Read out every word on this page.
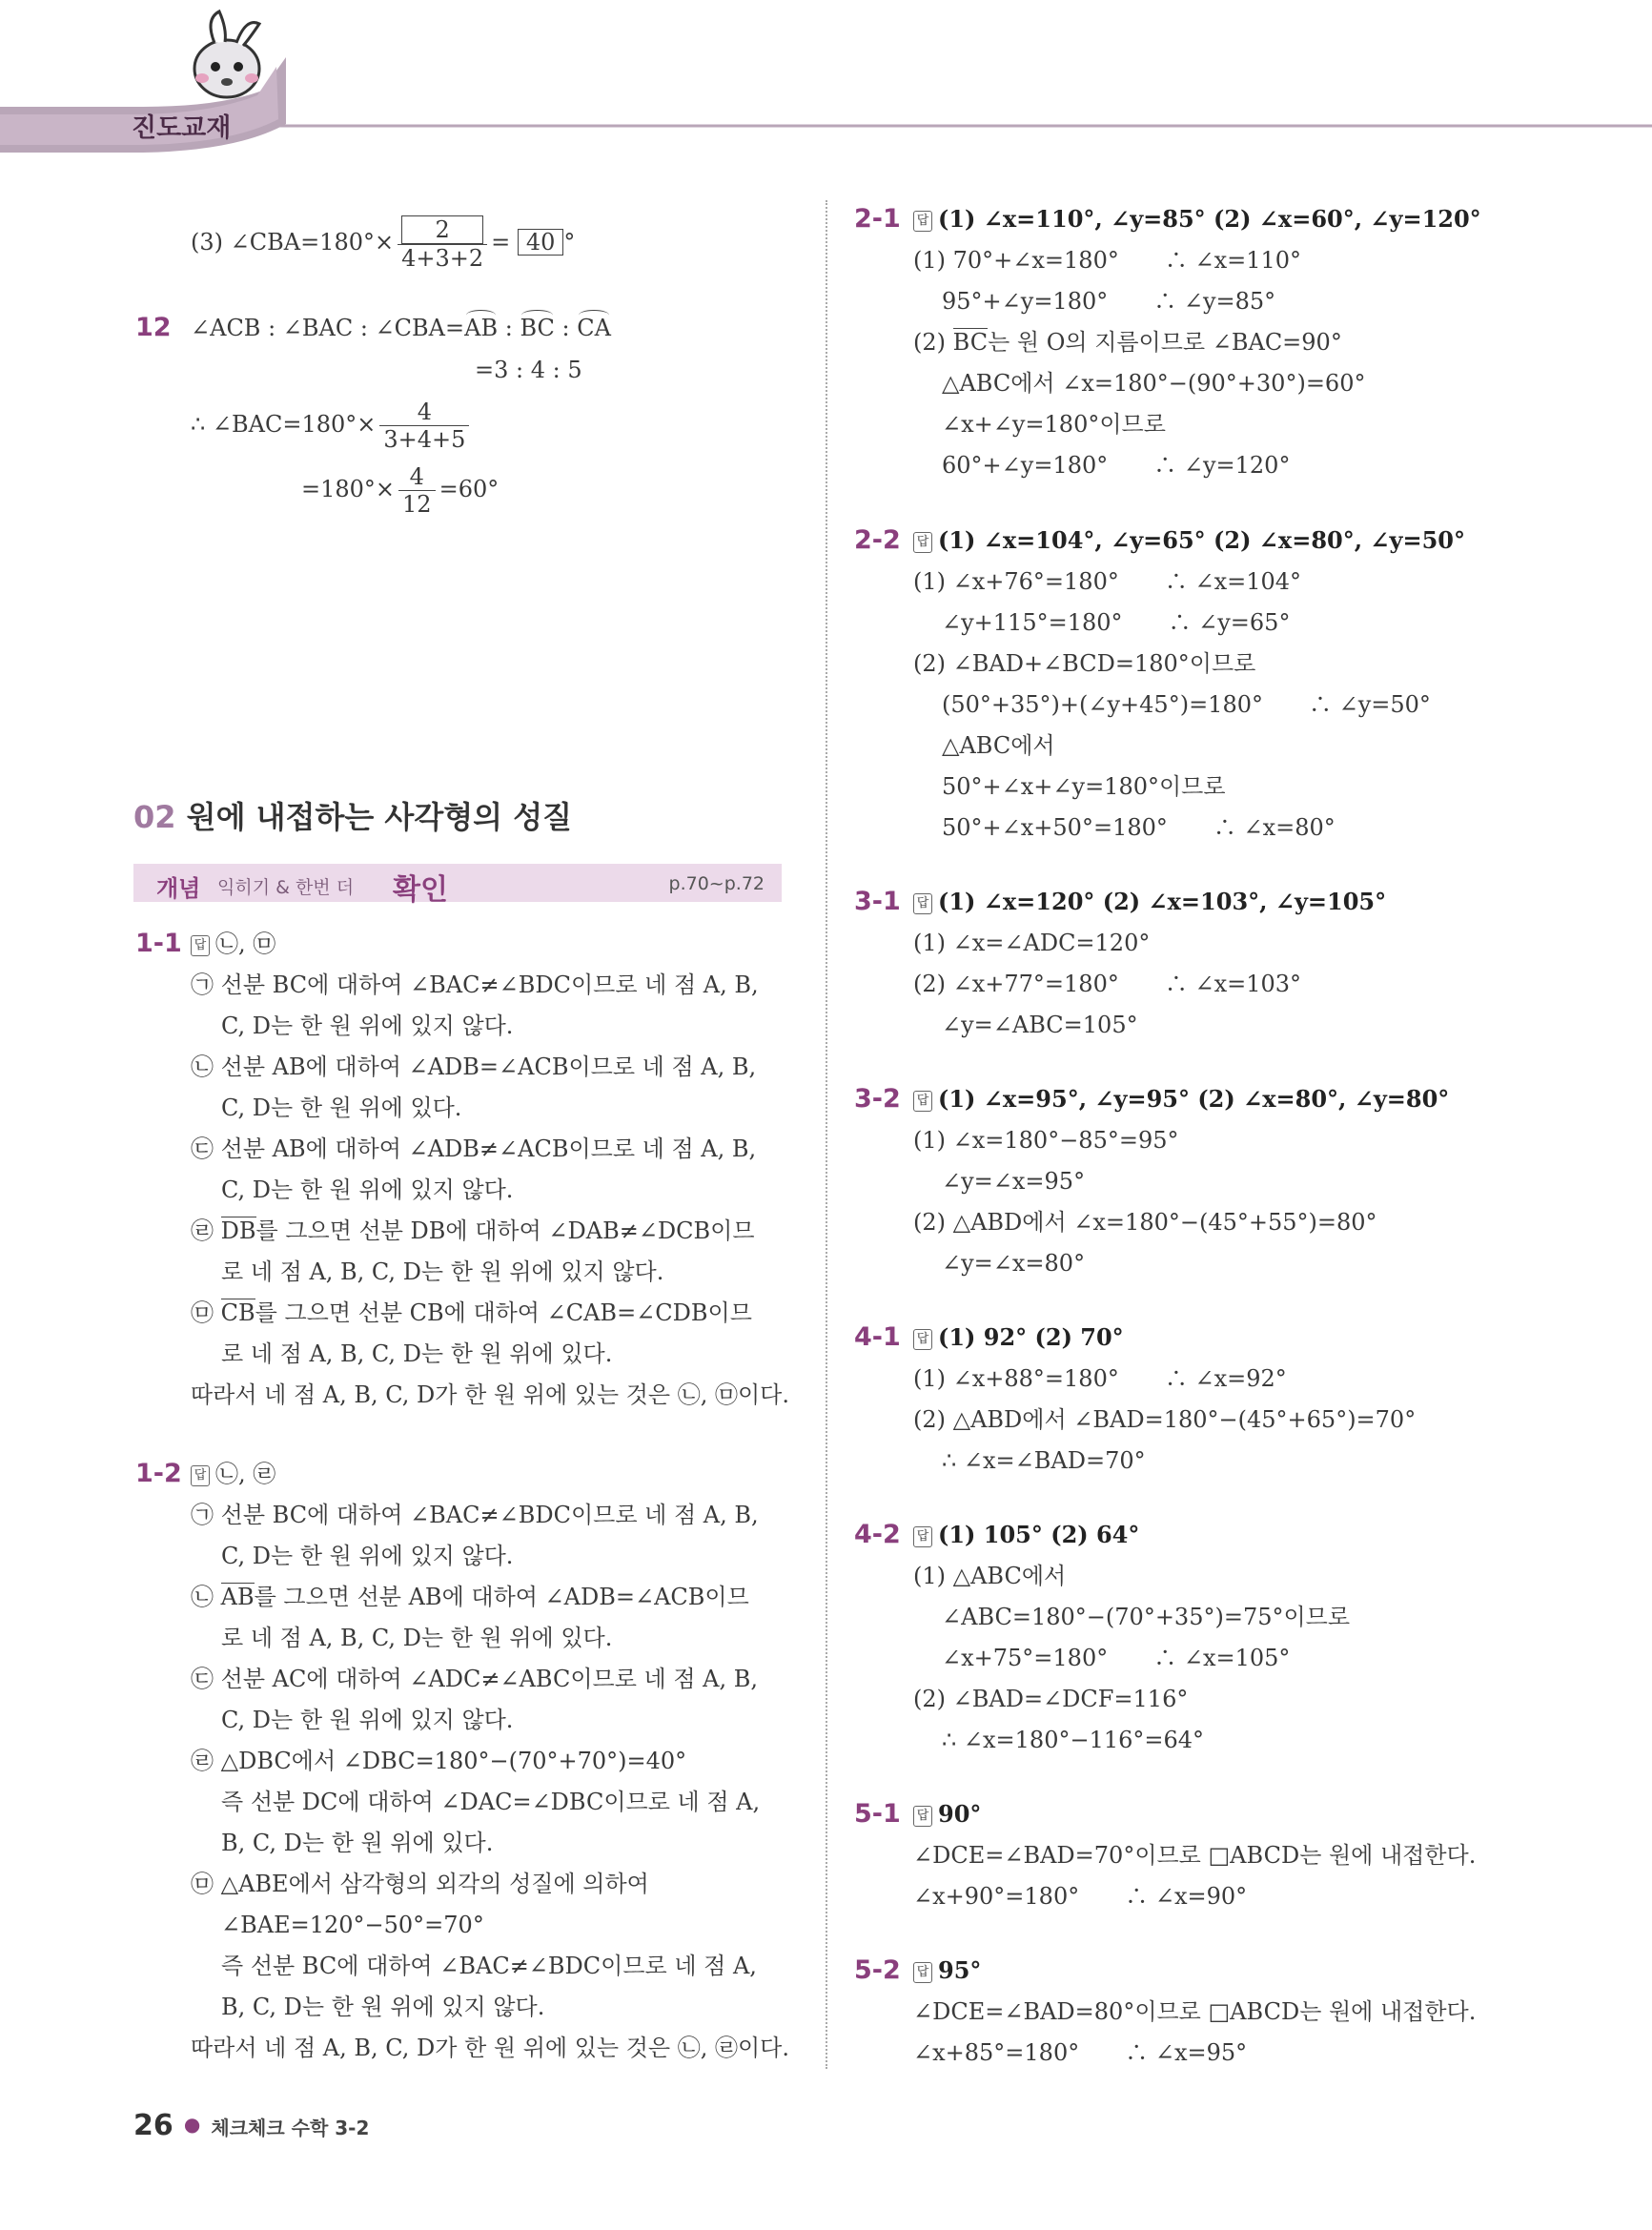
진도교재
(3) ∠CBA=180°× $\frac{2}{4+3+2} = 40$ °
12 ∠ACB : ∠BAC : ∠CBA=AB : BC : CA
=3 : 4 : 5
∴ ∠BAC=180°× $\frac{4}{3+4+5}$
$=180^\circ\times \frac{4}{12} =60^\circ$
02 원에 내접하는 사각형의 성질
개념 익히기 & 한번 더 확인	p.70~p.72
1-1 답 ㉡, ㉤
㉠ 선분 BC에 대하여 ∠BAC≠∠BDC이므로 네 점 A, B,
C, D는 한 원 위에 있지 않다.
㉡ 선분 AB에 대하여 ∠ADB=∠ACB이므로 네 점 A, B,
C, D는 한 원 위에 있다.
㉢ 선분 AB에 대하여 ∠ADB≠∠ACB이므로 네 점 A, B,
C, D는 한 원 위에 있지 않다.
㉣ DB를 그으면 선분 DB에 대하여 ∠DAB≠∠DCB이므
로 네 점 A, B, C, D는 한 원 위에 있지 않다.
㉤ CB를 그으면 선분 CB에 대하여 ∠CAB=∠CDB이므
로 네 점 A, B, C, D는 한 원 위에 있다.
따라서 네 점 A, B, C, D가 한 원 위에 있는 것은 ㉡, ㉤이다.
1-2 답 ㉡, ㉣
㉠ 선분 BC에 대하여 ∠BAC≠∠BDC이므로 네 점 A, B,
C, D는 한 원 위에 있지 않다.
㉡ AB를 그으면 선분 AB에 대하여 ∠ADB=∠ACB이므
로 네 점 A, B, C, D는 한 원 위에 있다.
㉢ 선분 AC에 대하여 ∠ADC≠∠ABC이므로 네 점 A, B,
C, D는 한 원 위에 있지 않다.
㉣ △DBC에서 ∠DBC=180°−(70°+70°)=40°
즉 선분 DC에 대하여 ∠DAC=∠DBC이므로 네 점 A,
B, C, D는 한 원 위에 있다.
㉤ △ABE에서 삼각형의 외각의 성질에 의하여
∠BAE=120°−50°=70°
즉 선분 BC에 대하여 ∠BAC≠∠BDC이므로 네 점 A,
B, C, D는 한 원 위에 있지 않다.
따라서 네 점 A, B, C, D가 한 원 위에 있는 것은 ㉡, ㉣이다.
2-1 답 (1) ∠x=110°, ∠y=85° (2) ∠x=60°, ∠y=120°
(1) 70°+∠x=180°　　∴ ∠x=110°
95°+∠y=180°　　∴ ∠y=85°
(2) BC는 원 O의 지름이므로 ∠BAC=90°
△ABC에서 ∠x=180°−(90°+30°)=60°
∠x+∠y=180°이므로
60°+∠y=180°　　∴ ∠y=120°
2-2 답 (1) ∠x=104°, ∠y=65° (2) ∠x=80°, ∠y=50°
(1) ∠x+76°=180°　　∴ ∠x=104°
∠y+115°=180°　　∴ ∠y=65°
(2) ∠BAD+∠BCD=180°이므로
(50°+35°)+(∠y+45°)=180°　　∴ ∠y=50°
△ABC에서
50°+∠x+∠y=180°이므로
50°+∠x+50°=180°　　∴ ∠x=80°
3-1 답 (1) ∠x=120° (2) ∠x=103°, ∠y=105°
(1) ∠x=∠ADC=120°
(2) ∠x+77°=180°　　∴ ∠x=103°
∠y=∠ABC=105°
3-2 답 (1) ∠x=95°, ∠y=95° (2) ∠x=80°, ∠y=80°
(1) ∠x=180°−85°=95°
∠y=∠x=95°
(2) △ABD에서 ∠x=180°−(45°+55°)=80°
∠y=∠x=80°
4-1 답 (1) 92° (2) 70°
(1) ∠x+88°=180°　　∴ ∠x=92°
(2) △ABD에서 ∠BAD=180°−(45°+65°)=70°
∴ ∠x=∠BAD=70°
4-2 답 (1) 105° (2) 64°
(1) △ABC에서
∠ABC=180°−(70°+35°)=75°이므로
∠x+75°=180°　　∴ ∠x=105°
(2) ∠BAD=∠DCF=116°
∴ ∠x=180°−116°=64°
5-1 답 90°
∠DCE=∠BAD=70°이므로 □ABCD는 원에 내접한다.
∠x+90°=180°　　∴ ∠x=90°
5-2 답 95°
∠DCE=∠BAD=80°이므로 □ABCD는 원에 내접한다.
∠x+85°=180°　　∴ ∠x=95°
26 ● 체크체크 수학 3-2
